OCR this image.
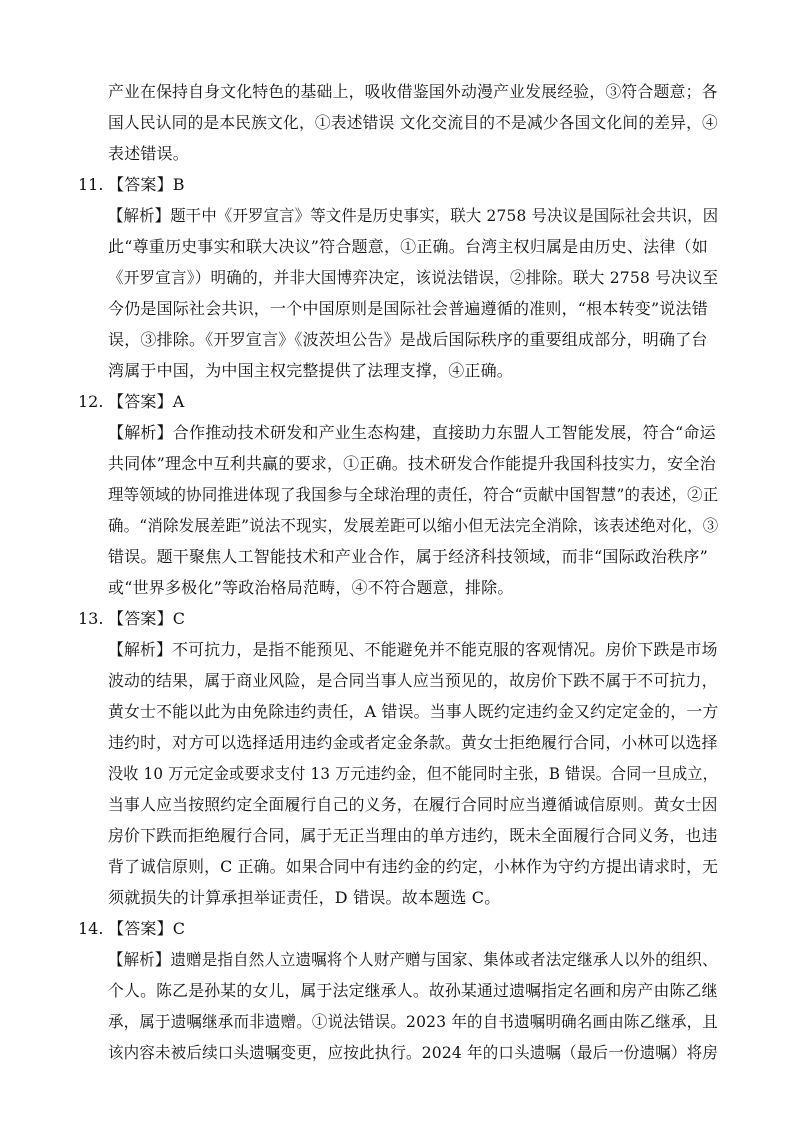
产业在保持自身文化特色的基础上，吸收借鉴国外动漫产业发展经验，③符合题意；各
国人民认同的是本民族文化，①表述错误 文化交流目的不是减少各国文化间的差异，④
表述错误。
11. 【答案】B
【解析】题干中《开罗宣言》等文件是历史事实，联大 2758 号决议是国际社会共识，因
此“尊重历史事实和联大决议”符合题意，①正确。台湾主权归属是由历史、法律（如
《开罗宣言》）明确的，并非大国博弈决定，该说法错误，②排除。联大 2758 号决议至
今仍是国际社会共识，一个中国原则是国际社会普遍遵循的准则，“根本转变”说法错
误，③排除。《开罗宣言》《波茨坦公告》是战后国际秩序的重要组成部分，明确了台
湾属于中国，为中国主权完整提供了法理支撑，④正确。
12. 【答案】A
【解析】合作推动技术研发和产业生态构建，直接助力东盟人工智能发展，符合“命运
共同体”理念中互利共赢的要求，①正确。技术研发合作能提升我国科技实力，安全治
理等领域的协同推进体现了我国参与全球治理的责任，符合“贡献中国智慧”的表述，②正
确。“消除发展差距”说法不现实，发展差距可以缩小但无法完全消除，该表述绝对化，③
错误。题干聚焦人工智能技术和产业合作，属于经济科技领域，而非“国际政治秩序”
或“世界多极化”等政治格局范畴，④不符合题意，排除。
13. 【答案】C
【解析】不可抗力，是指不能预见、不能避免并不能克服的客观情况。房价下跌是市场
波动的结果，属于商业风险，是合同当事人应当预见的，故房价下跌不属于不可抗力，
黄女士不能以此为由免除违约责任，A 错误。当事人既约定违约金又约定定金的，一方
违约时，对方可以选择适用违约金或者定金条款。黄女士拒绝履行合同，小林可以选择
没收 10 万元定金或要求支付 13 万元违约金，但不能同时主张，B 错误。合同一旦成立，
当事人应当按照约定全面履行自己的义务，在履行合同时应当遵循诚信原则。黄女士因
房价下跌而拒绝履行合同，属于无正当理由的单方违约，既未全面履行合同义务，也违
背了诚信原则，C 正确。如果合同中有违约金的约定，小林作为守约方提出请求时，无
须就损失的计算承担举证责任，D 错误。故本题选 C。
14. 【答案】C
【解析】遗赠是指自然人立遗嘱将个人财产赠与国家、集体或者法定继承人以外的组织、
个人。陈乙是孙某的女儿，属于法定继承人。故孙某通过遗嘱指定名画和房产由陈乙继
承，属于遗嘱继承而非遗赠。①说法错误。2023 年的自书遗嘱明确名画由陈乙继承，且
该内容未被后续口头遗嘱变更，应按此执行。2024 年的口头遗嘱（最后一份遗嘱）将房
